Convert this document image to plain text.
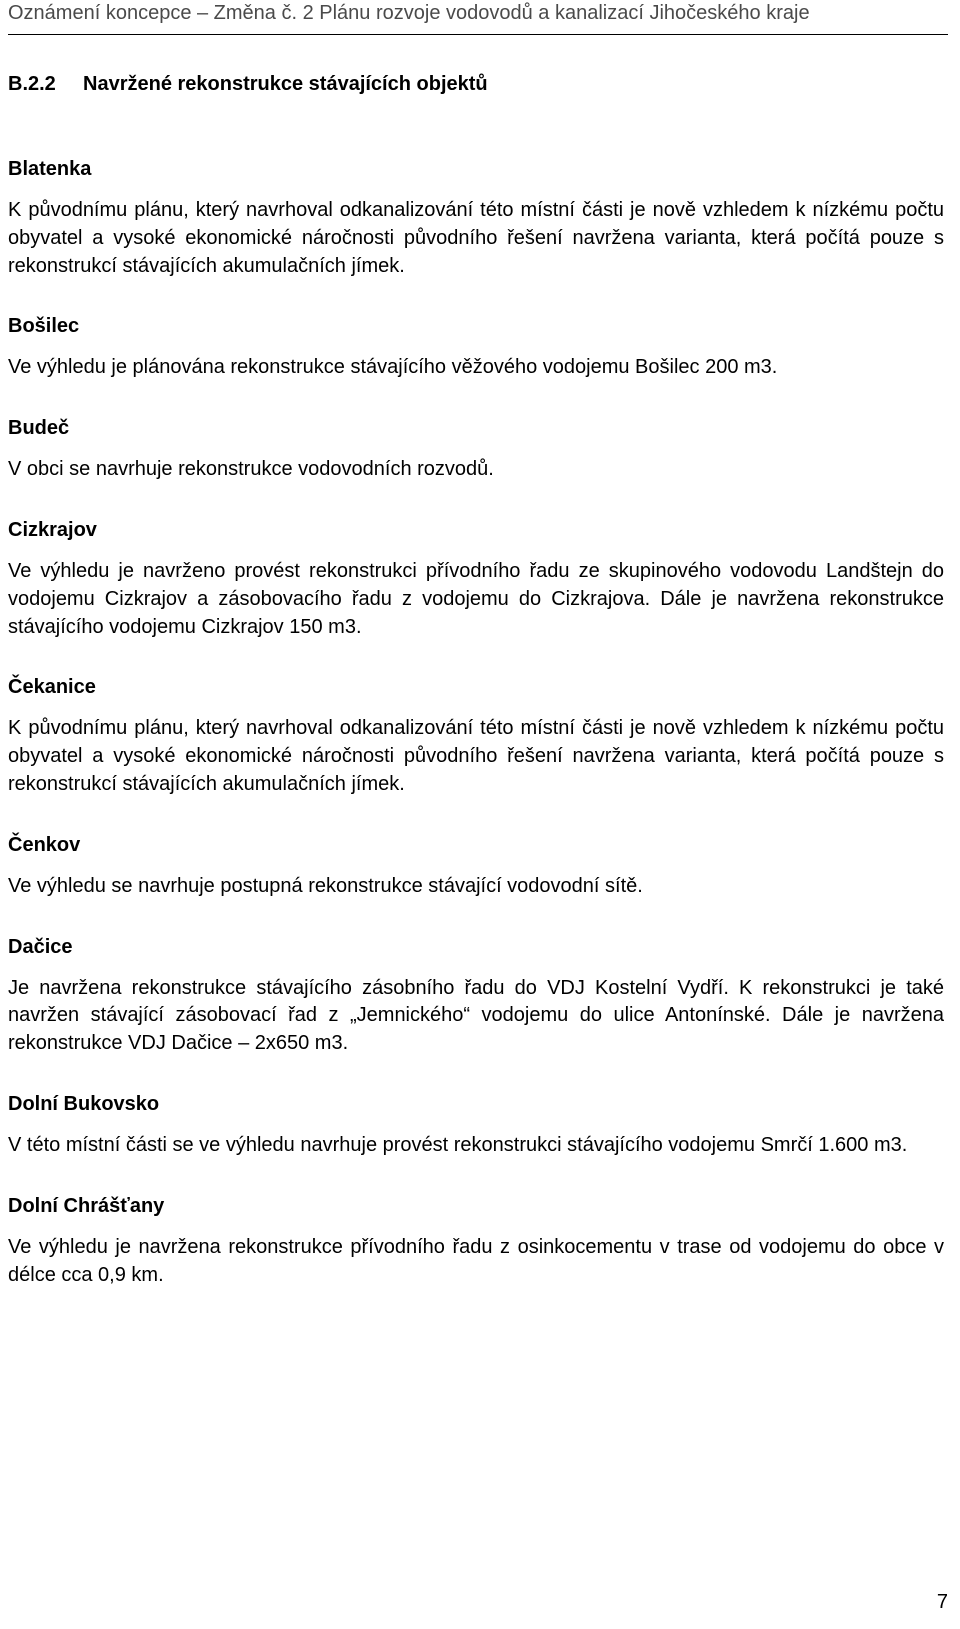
Oznámení koncepce – Změna č. 2 Plánu rozvoje vodovodů a kanalizací Jihočeského kraje
B.2.2 Navržené rekonstrukce stávajících objektů
Blatenka

K původnímu plánu, který navrhoval odkanalizování této místní části je nově vzhledem k nízkému počtu obyvatel a vysoké ekonomické náročnosti původního řešení navržena varianta, která počítá pouze s rekonstrukcí stávajících akumulačních jímek.

Bošilec

Ve výhledu je plánována rekonstrukce stávajícího věžového vodojemu Bošilec 200 m3.

Budeč

V obci se navrhuje rekonstrukce vodovodních rozvodů.

Cizkrajov

Ve výhledu je navrženo provést rekonstrukci přívodního řadu ze skupinového vodovodu Landštejn do vodojemu Cizkrajov a zásobovacího řadu z vodojemu do Cizkrajova. Dále je navržena rekonstrukce stávajícího vodojemu Cizkrajov 150 m3.

Čekanice

K původnímu plánu, který navrhoval odkanalizování této místní části je nově vzhledem k nízkému počtu obyvatel a vysoké ekonomické náročnosti původního řešení navržena varianta, která počítá pouze s rekonstrukcí stávajících akumulačních jímek.

Čenkov

Ve výhledu se navrhuje postupná rekonstrukce stávající vodovodní sítě.

Dačice

Je navržena rekonstrukce stávajícího zásobního řadu do VDJ Kostelní Vydří. K rekonstrukci je také navržen stávající zásobovací řad z „Jemnického“ vodojemu do ulice Antonínské. Dále je navržena rekonstrukce VDJ Dačice – 2x650 m3.

Dolní Bukovsko

V této místní části se ve výhledu navrhuje provést rekonstrukci stávajícího vodojemu Smrčí 1.600 m3.

Dolní Chrášťany

Ve výhledu je navržena rekonstrukce přívodního řadu z osinkocementu v trase od vodojemu do obce v délce cca 0,9 km.

7
